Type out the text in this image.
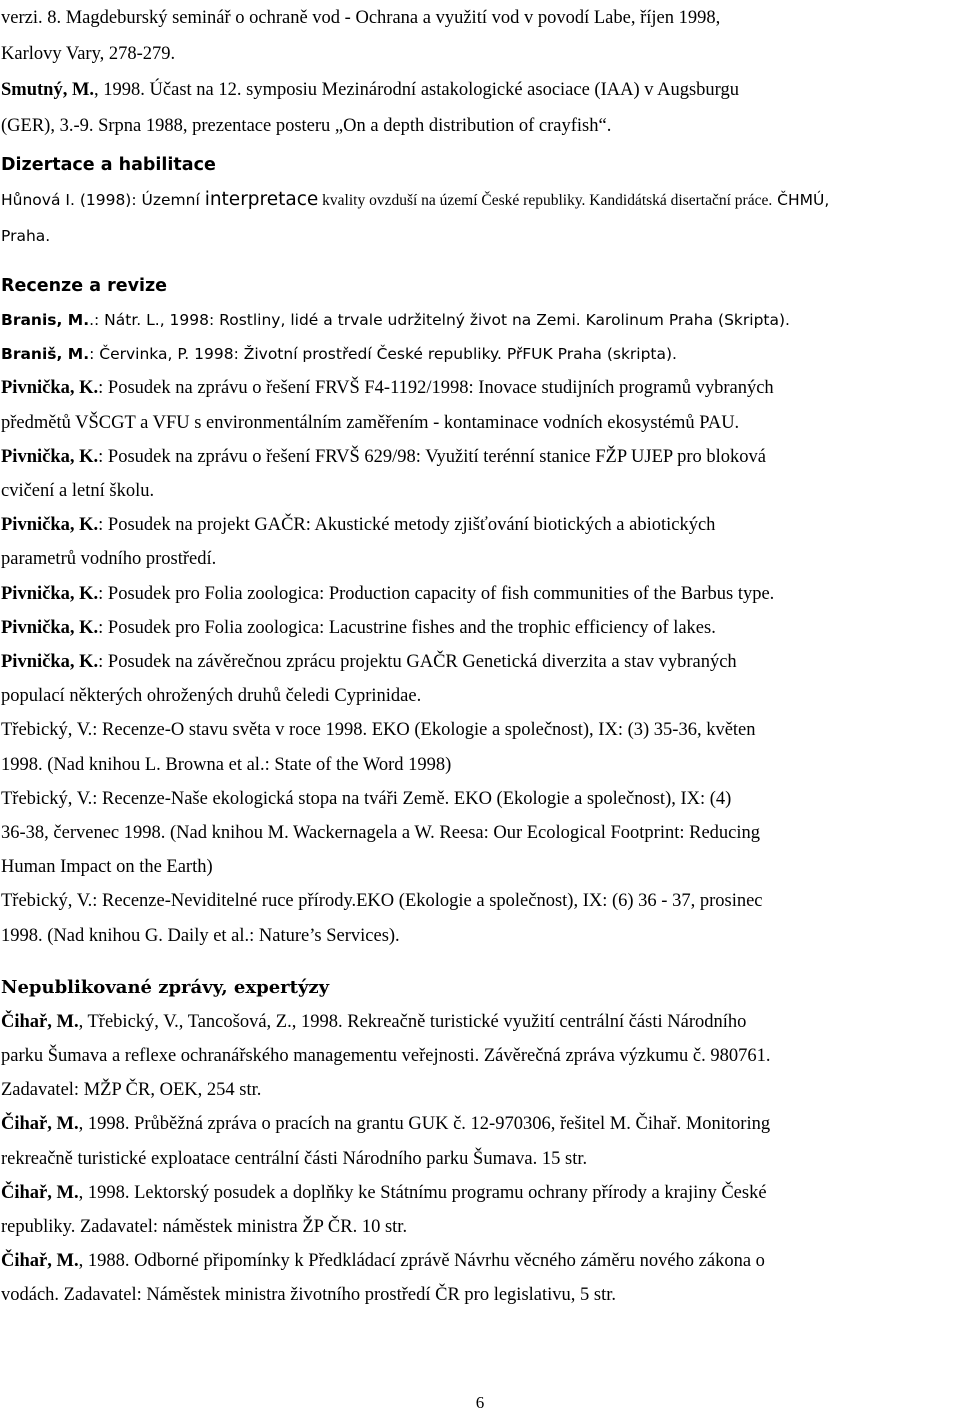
verzi. 8. Magdeburský seminář o ochraně vod - Ochrana a využití vod v povodí Labe, říjen 1998,

Karlovy Vary, 278-279.

Smutný, M., 1998. Účast na 12. symposiu Mezinárodní astakologické asociace (IAA) v Augsburgu

(GER), 3.-9. Srpna 1988, prezentace posteru „On a depth distribution of crayfish“.

Dizertace a habilitace

Hůnová I. (1998): Územní interpretace kvality ovzduší na území České republiky. Kandidátská disertační práce. ČHMÚ,

Praha.

Recenze a revize

Branis, M..: Nátr. L., 1998: Rostliny, lidé a trvale udržitelný život na Zemi. Karolinum Praha (Skripta).

Braniš, M.: Červinka, P. 1998: Životní prostředí České republiky. PřFUK Praha (skripta).

Pivnička, K.: Posudek na zprávu o řešení FRVŠ F4-1192/1998: Inovace studijních programů vybraných

předmětů VŠCGT a VFU s environmentálním zaměřením - kontaminace vodních ekosystémů PAU.

Pivnička, K.: Posudek na zprávu o řešení FRVŠ 629/98: Využití terénní stanice FŽP UJEP pro bloková

cvičení a letní školu.

Pivnička, K.: Posudek na projekt GAČR: Akustické metody zjišťování biotických a abiotických

parametrů vodního prostředí.

Pivnička, K.: Posudek pro Folia zoologica: Production capacity of fish communities of the Barbus type.

Pivnička, K.: Posudek pro Folia zoologica: Lacustrine fishes and the trophic efficiency of lakes.

Pivnička, K.: Posudek na závěrečnou zprácu projektu GAČR Genetická diverzita a stav vybraných

populací některých ohrožených druhů čeledi Cyprinidae.

Třebický, V.: Recenze-O stavu světa v roce 1998. EKO (Ekologie a společnost), IX: (3) 35-36, květen

1998. (Nad knihou L. Browna et al.: State of the Word 1998)

Třebický, V.: Recenze-Naše ekologická stopa na tváři Země. EKO (Ekologie a společnost), IX: (4)

36-38, červenec 1998. (Nad knihou M. Wackernagela a W. Reesa: Our Ecological Footprint: Reducing

Human Impact on the Earth)

Třebický, V.: Recenze-Neviditelné ruce přírody.EKO (Ekologie a společnost), IX: (6) 36 - 37, prosinec

1998. (Nad knihou G. Daily et al.: Nature’s Services).

Nepublikované zprávy, expertýzy

Čihař, M., Třebický, V., Tancošová, Z., 1998. Rekreačně turistické využití centrální části Národního

parku Šumava a reflexe ochranářského managementu veřejnosti. Závěrečná zpráva výzkumu č. 980761.

Zadavatel: MŽP ČR, OEK, 254 str.

Čihař, M., 1998. Průběžná zpráva o pracích na grantu GUK č. 12-970306, řešitel M. Čihař. Monitoring

rekreačně turistické exploatace centrální části Národního parku Šumava. 15 str.

Čihař, M., 1998. Lektorský posudek a doplňky ke Státnímu programu ochrany přírody a krajiny České

republiky. Zadavatel: náměstek ministra ŽP ČR. 10 str.

Čihař, M., 1988. Odborné připomínky k Předkládací zprávě Návrhu věcného záměru nového zákona o

vodách. Zadavatel: Náměstek ministra životního prostředí ČR pro legislativu, 5 str.

6
